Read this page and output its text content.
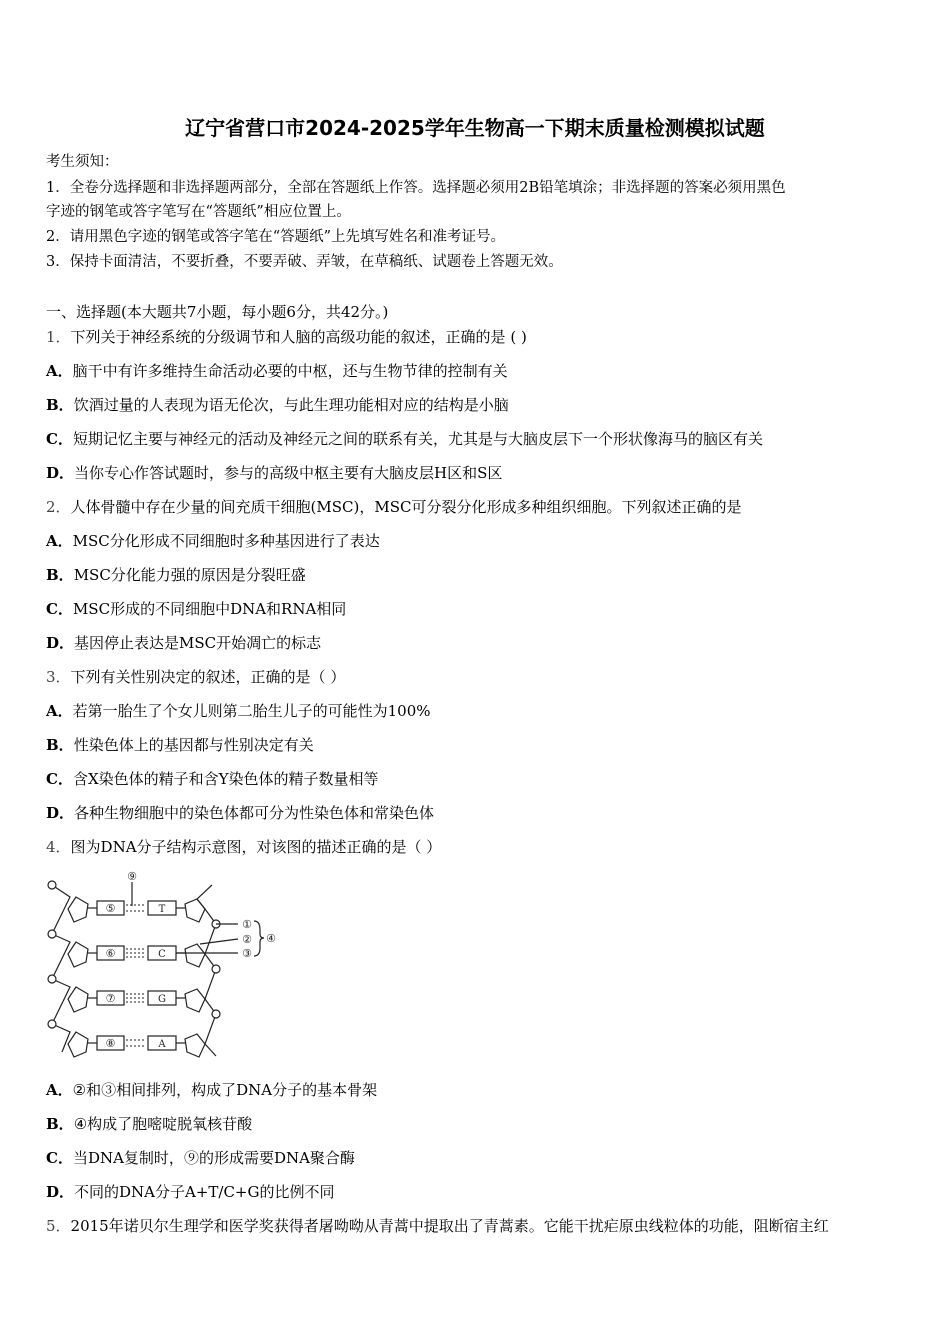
辽宁省营口市2024-2025学年生物高一下期末质量检测模拟试题
考生须知：
1．全卷分选择题和非选择题两部分，全部在答题纸上作答。选择题必须用2B铅笔填涂；非选择题的答案必须用黑色
字迹的钢笔或答字笔写在“答题纸”相应位置上。
2．请用黑色字迹的钢笔或答字笔在“答题纸”上先填写姓名和准考证号。
3．保持卡面清洁，不要折叠，不要弄破、弄皱，在草稿纸、试题卷上答题无效。
一、选择题(本大题共7小题，每小题6分，共42分。)
1．下列关于神经系统的分级调节和人脑的高级功能的叙述，正确的是 ( )
A．脑干中有许多维持生命活动必要的中枢，还与生物节律的控制有关
B．饮酒过量的人表现为语无伦次，与此生理功能相对应的结构是小脑
C．短期记忆主要与神经元的活动及神经元之间的联系有关，尤其是与大脑皮层下一个形状像海马的脑区有关
D．当你专心作答试题时，参与的高级中枢主要有大脑皮层H区和S区
2．人体骨髓中存在少量的间充质干细胞(MSC)，MSC可分裂分化形成多种组织细胞。下列叙述正确的是
A．MSC分化形成不同细胞时多种基因进行了表达
B．MSC分化能力强的原因是分裂旺盛
C．MSC形成的不同细胞中DNA和RNA相同
D．基因停止表达是MSC开始凋亡的标志
3．下列有关性别决定的叙述，正确的是（ ）
A．若第一胎生了个女儿则第二胎生儿子的可能性为100%
B．性染色体上的基因都与性别决定有关
C．含X染色体的精子和含Y染色体的精子数量相等
D．各种生物细胞中的染色体都可分为性染色体和常染色体
4．图为DNA分子结构示意图，对该图的描述正确的是（ ）
⑤
⑥
⑦
⑧
T
C
G
A
⑨
①
②
③
④
A．②和③相间排列，构成了DNA分子的基本骨架
B．④构成了胞嘧啶脱氧核苷酸
C．当DNA复制时，⑨的形成需要DNA聚合酶
D．不同的DNA分子A+T/C+G的比例不同
5．2015年诺贝尔生理学和医学奖获得者屠呦呦从青蒿中提取出了青蒿素。它能干扰疟原虫线粒体的功能，阻断宿主红
